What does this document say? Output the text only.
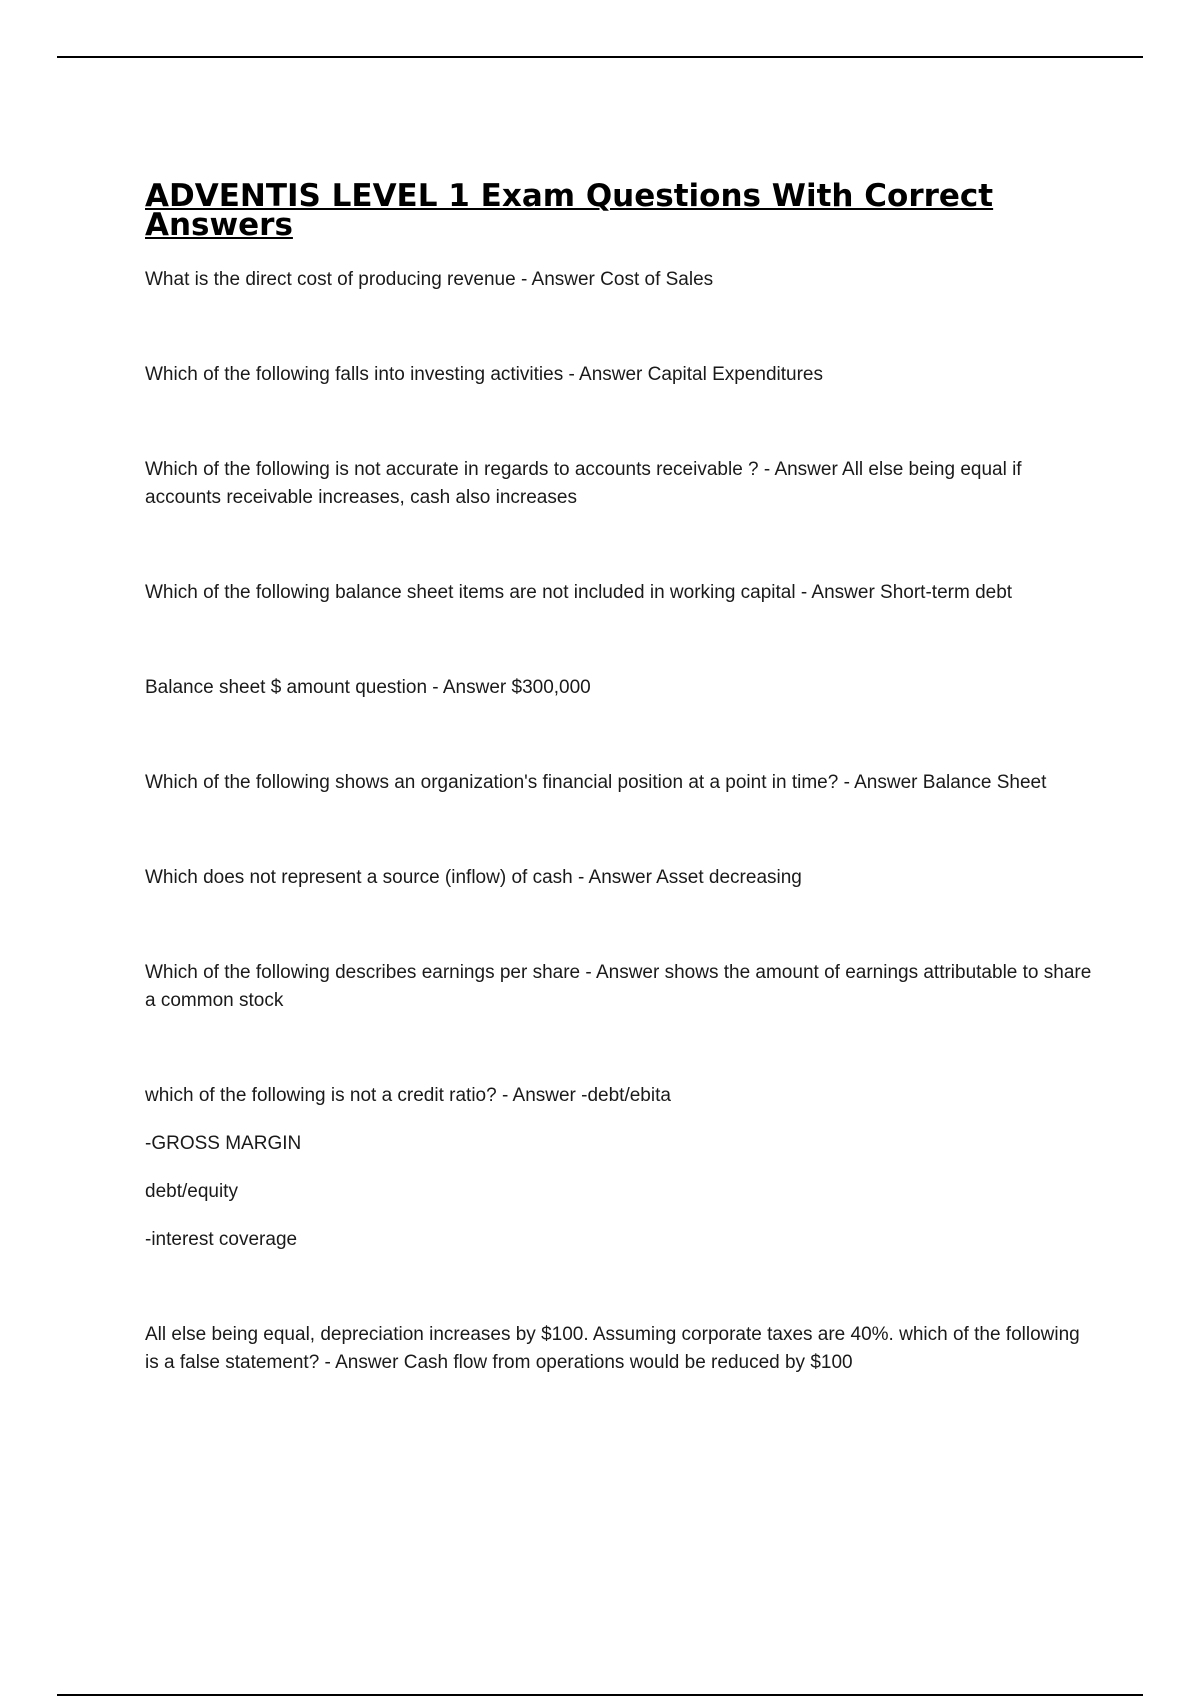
ADVENTIS LEVEL 1 Exam Questions With Correct Answers

What is the direct cost of producing revenue - Answer Cost of Sales

Which of the following falls into investing activities - Answer Capital Expenditures

Which of the following is not accurate in regards to accounts receivable ? - Answer All else being equal if accounts receivable increases, cash also increases

Which of the following balance sheet items are not included in working capital - Answer Short-term debt

Balance sheet $ amount question - Answer $300,000

Which of the following shows an organization's financial position at a point in time? - Answer Balance Sheet

Which does not represent a source (inflow) of cash - Answer Asset decreasing

Which of the following describes earnings per share - Answer shows the amount of earnings attributable to share a common stock

which of the following is not a credit ratio? - Answer -debt/ebita

-GROSS MARGIN

debt/equity

-interest coverage

All else being equal, depreciation increases by $100. Assuming corporate taxes are 40%. which of the following is a false statement? - Answer Cash flow from operations would be reduced by $100
